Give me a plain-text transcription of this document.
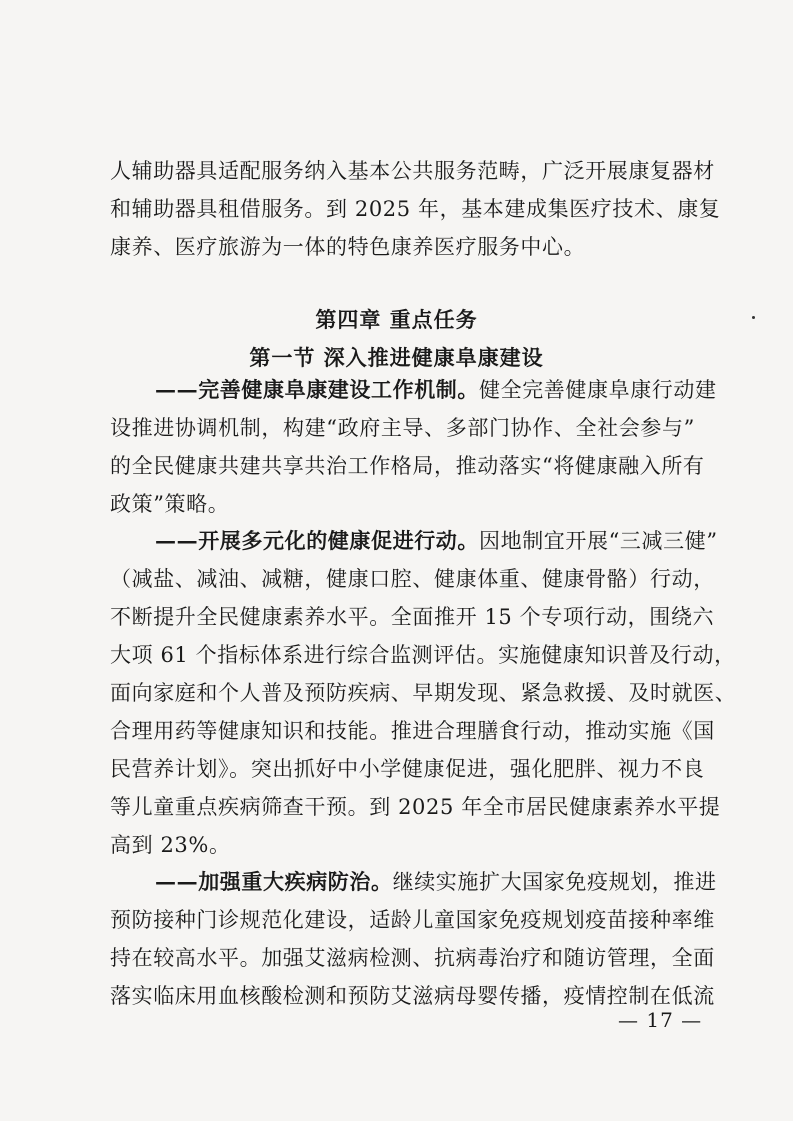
人辅助器具适配服务纳入基本公共服务范畴，广泛开展康复器材
和辅助器具租借服务。到 2025 年，基本建成集医疗技术、康复
康养、医疗旅游为一体的特色康养医疗服务中心。
第四章 重点任务
第一节 深入推进健康阜康建设
——完善健康阜康建设工作机制。健全完善健康阜康行动建
设推进协调机制，构建“政府主导、多部门协作、全社会参与”
的全民健康共建共享共治工作格局，推动落实“将健康融入所有
政策”策略。
——开展多元化的健康促进行动。因地制宜开展“三减三健”
（减盐、减油、减糖，健康口腔、健康体重、健康骨骼）行动，
不断提升全民健康素养水平。全面推开 15 个专项行动，围绕六
大项 61 个指标体系进行综合监测评估。实施健康知识普及行动，
面向家庭和个人普及预防疾病、早期发现、紧急救援、及时就医、
合理用药等健康知识和技能。推进合理膳食行动，推动实施《国
民营养计划》。突出抓好中小学健康促进，强化肥胖、视力不良
等儿童重点疾病筛查干预。到 2025 年全市居民健康素养水平提
高到 23%。
——加强重大疾病防治。继续实施扩大国家免疫规划，推进
预防接种门诊规范化建设，适龄儿童国家免疫规划疫苗接种率维
持在较高水平。加强艾滋病检测、抗病毒治疗和随访管理，全面
落实临床用血核酸检测和预防艾滋病母婴传播，疫情控制在低流
— 17 —
